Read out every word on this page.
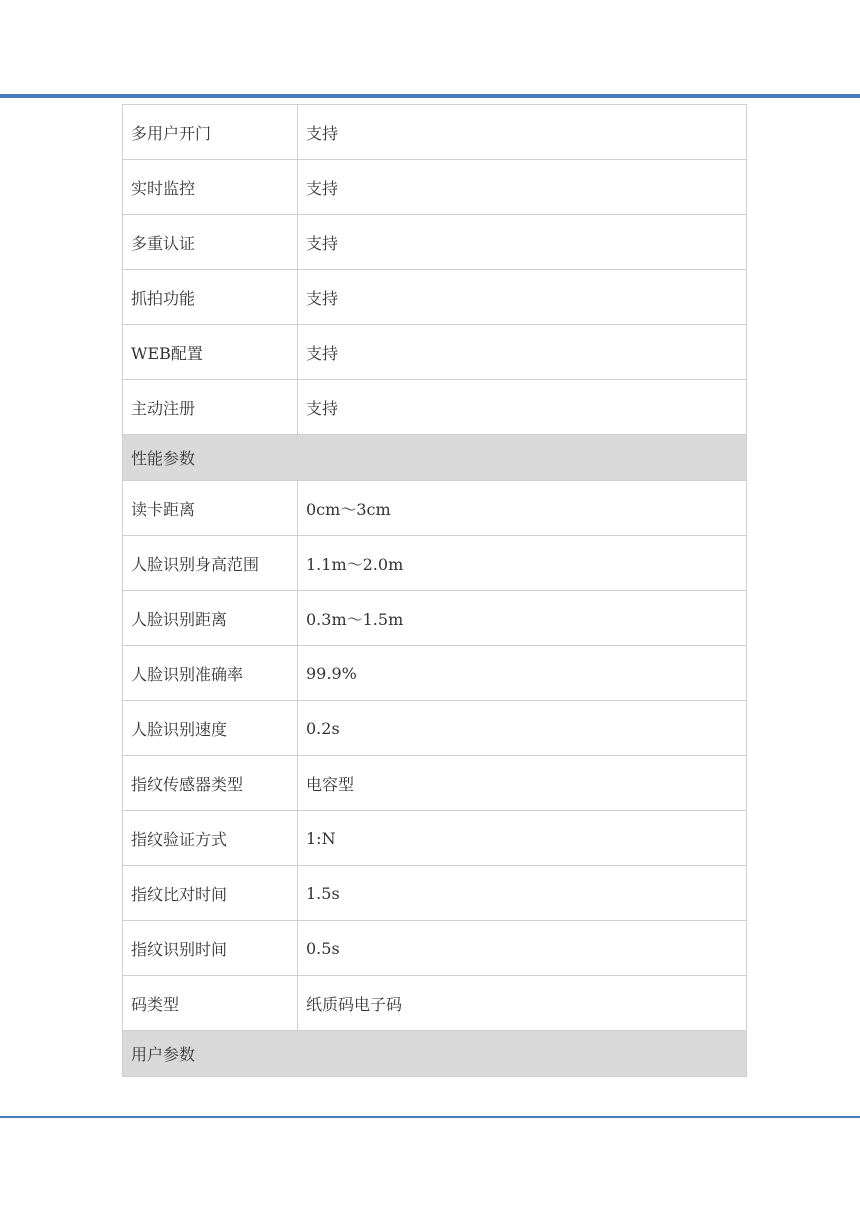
多用户开门	支持
实时监控	支持
多重认证	支持
抓拍功能	支持
WEB配置	支持
主动注册	支持
性能参数	
读卡距离	0cm～3cm
人脸识别身高范围	1.1m～2.0m
人脸识别距离	0.3m～1.5m
人脸识别准确率	99.9%
人脸识别速度	0.2s
指纹传感器类型	电容型
指纹验证方式	1:N
指纹比对时间	1.5s
指纹识别时间	0.5s
码类型	纸质码电子码
用户参数	
